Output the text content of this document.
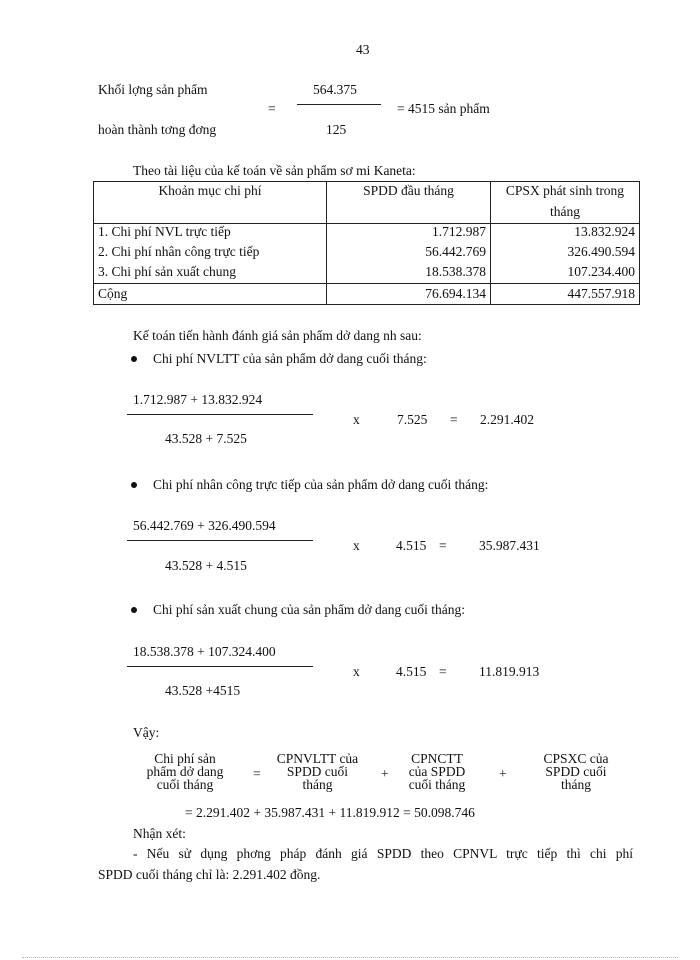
43
Khối lợng sản phẩm
hoàn thành tơng đơng
=
564.375
125
= 4515 sản phẩm
Theo tài liệu của kế toán về sản phẩm sơ mi Kaneta:
Khoản mục chi phí	SPDD đầu tháng	CPSX phát sinh trong
tháng
1. Chi phí NVL trực tiếp	1.712.987	13.832.924
2. Chi phí nhân công trực tiếp	56.442.769	326.490.594
3. Chi phí sản xuất chung	18.538.378	107.234.400
Cộng	76.694.134	447.557.918
Kế toán tiến hành đánh giá sản phẩm dở dang nh sau:
Chi phí NVLTT của sản phẩm dở dang cuối tháng:
1.712.987 + 13.832.924
43.528 + 7.525
x	7.525 = 2.291.402
Chi phí nhân công trực tiếp của sản phẩm dở dang cuối tháng:
56.442.769 + 326.490.594
43.528 + 4.515
x	4.515 = 35.987.431
Chi phí sản xuất chung của sản phẩm dở dang cuối tháng:
18.538.378 + 107.324.400
43.528 +4515
x	4.515 = 11.819.913
Vậy:
Chi phí sản
phẩm dở dang
cuối tháng
=
CPNVLTT của
SPDD cuối
tháng
+
CPNCTT
của SPDD
cuối tháng
+
CPSXC của
SPDD cuối
tháng
= 2.291.402 + 35.987.431 + 11.819.912 = 50.098.746
Nhận xét:
- Nếu sử dụng phơng pháp đánh giá SPDD theo CPNVL trực tiếp thì chi phí
SPDD cuối tháng chỉ là: 2.291.402 đồng.
